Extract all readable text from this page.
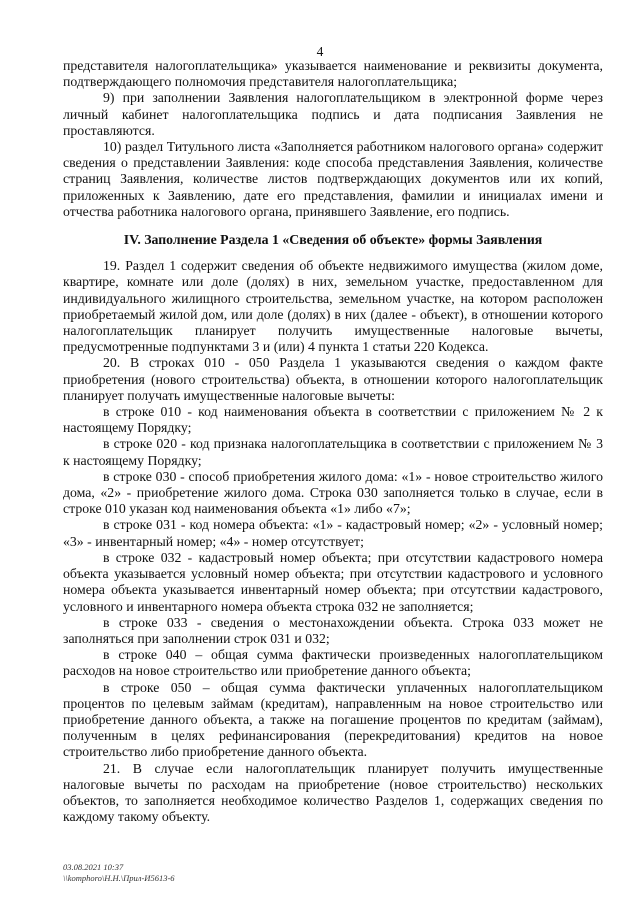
4

представителя налогоплательщика» указывается наименование и реквизиты документа, подтверждающего полномочия представителя налогоплательщика;

9) при заполнении Заявления налогоплательщиком в электронной форме через личный кабинет налогоплательщика подпись и дата подписания Заявления не проставляются.

10) раздел Титульного листа «Заполняется работником налогового органа» содержит сведения о представлении Заявления: коде способа представления Заявления, количестве страниц Заявления, количестве листов подтверждающих документов или их копий, приложенных к Заявлению, дате его представления, фамилии и инициалах имени и отчества работника налогового органа, принявшего Заявление, его подпись.

IV. Заполнение Раздела 1 «Сведения об объекте» формы Заявления

19. Раздел 1 содержит сведения об объекте недвижимого имущества (жилом доме, квартире, комнате или доле (долях) в них, земельном участке, предоставленном для индивидуального жилищного строительства, земельном участке, на котором расположен приобретаемый жилой дом, или доле (долях) в них (далее - объект), в отношении которого налогоплательщик планирует получить имущественные налоговые вычеты, предусмотренные подпунктами 3 и (или) 4 пункта 1 статьи 220 Кодекса.

20. В строках 010 - 050 Раздела 1 указываются сведения о каждом факте приобретения (нового строительства) объекта, в отношении которого налогоплательщик планирует получать имущественные налоговые вычеты:

в строке 010 - код наименования объекта в соответствии с приложением № 2 к настоящему Порядку;

в строке 020 - код признака налогоплательщика в соответствии с приложением № 3 к настоящему Порядку;

в строке 030 - способ приобретения жилого дома: «1» - новое строительство жилого дома, «2» - приобретение жилого дома. Строка 030 заполняется только в случае, если в строке 010 указан код наименования объекта «1» либо «7»;

в строке 031 - код номера объекта: «1» - кадастровый номер; «2» - условный номер; «3» - инвентарный номер; «4» - номер отсутствует;

в строке 032 - кадастровый номер объекта; при отсутствии кадастрового номера объекта указывается условный номер объекта; при отсутствии кадастрового и условного номера объекта указывается инвентарный номер объекта; при отсутствии кадастрового, условного и инвентарного номера объекта строка 032 не заполняется;

в строке 033 - сведения о местонахождении объекта. Строка 033 может не заполняться при заполнении строк 031 и 032;

в строке 040 – общая сумма фактически произведенных налогоплательщиком расходов на новое строительство или приобретение данного объекта;

в строке 050 – общая сумма фактически уплаченных налогоплательщиком процентов по целевым займам (кредитам), направленным на новое строительство или приобретение данного объекта, а также на погашение процентов по кредитам (займам), полученным в целях рефинансирования (перекредитования) кредитов на новое строительство либо приобретение данного объекта.

21. В случае если налогоплательщик планирует получить имущественные налоговые вычеты по расходам на приобретение (новое строительство) нескольких объектов, то заполняется необходимое количество Разделов 1, содержащих сведения по каждому такому объекту.

03.08.2021 10:37
\\komphoro\Н.Н.\Прил-И5613-6
